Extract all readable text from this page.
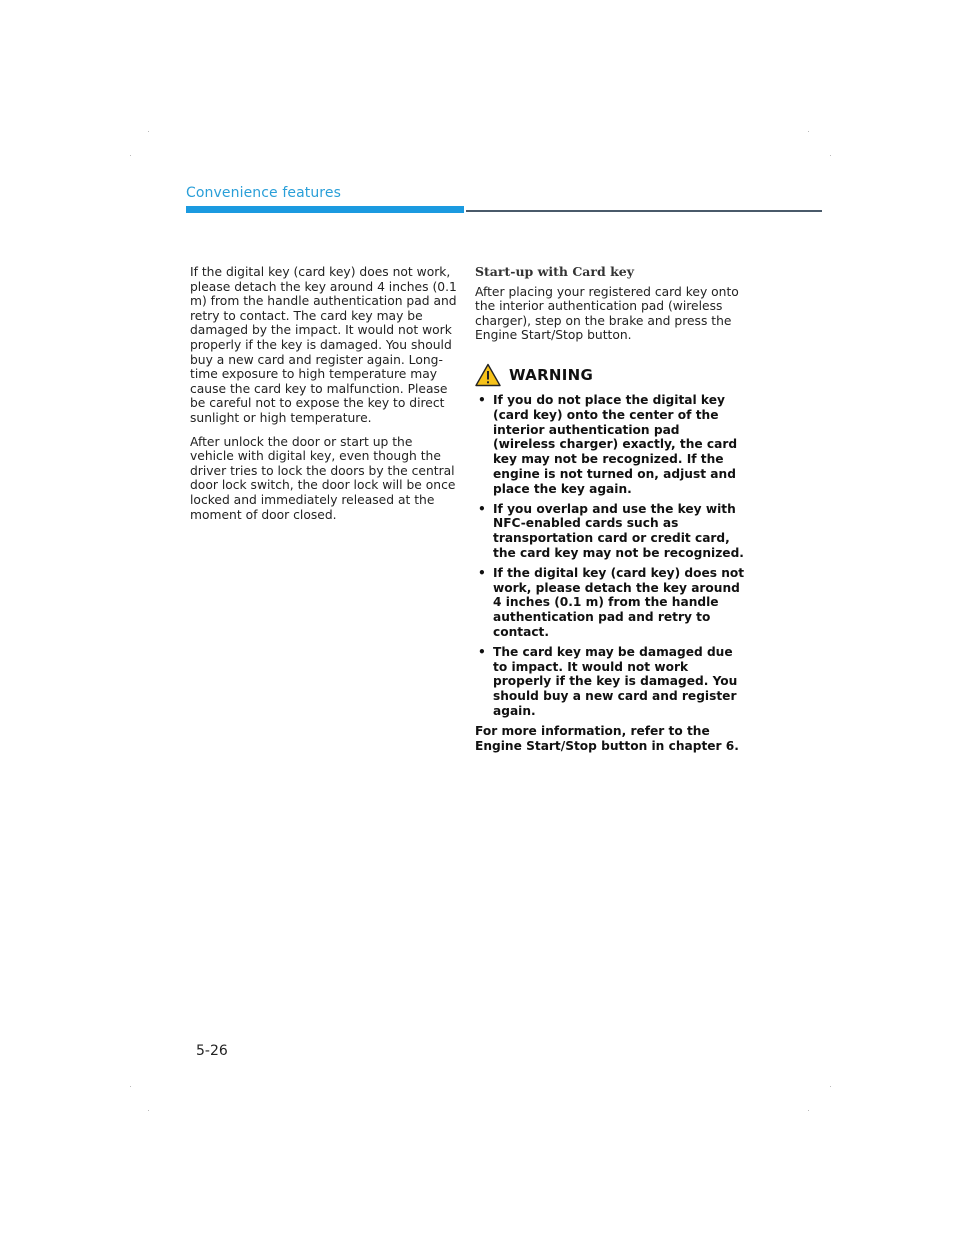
Convenience features

If the digital key (card key) does not work, please detach the key around 4 inches (0.1 m) from the handle authentication pad and retry to contact. The card key may be damaged by the impact. It would not work properly if the key is damaged. You should buy a new card and register again. Long-time exposure to high temperature may cause the card key to malfunction. Please be careful not to expose the key to direct sunlight or high temperature.

After unlock the door or start up the vehicle with digital key, even though the driver tries to lock the doors by the central door lock switch, the door lock will be once locked and immediately released at the moment of door closed.

Start-up with Card key

After placing your registered card key onto the interior authentication pad (wireless charger), step on the brake and press the Engine Start/Stop button.

WARNING
• If you do not place the digital key (card key) onto the center of the interior authentication pad (wireless charger) exactly, the card key may not be recognized. If the engine is not turned on, adjust and place the key again.
• If you overlap and use the key with NFC-enabled cards such as transportation card or credit card, the card key may not be recognized.
• If the digital key (card key) does not work, please detach the key around 4 inches (0.1 m) from the handle authentication pad and retry to contact.
• The card key may be damaged due to impact. It would not work properly if the key is damaged. You should buy a new card and register again.

For more information, refer to the Engine Start/Stop button in chapter 6.

5-26
